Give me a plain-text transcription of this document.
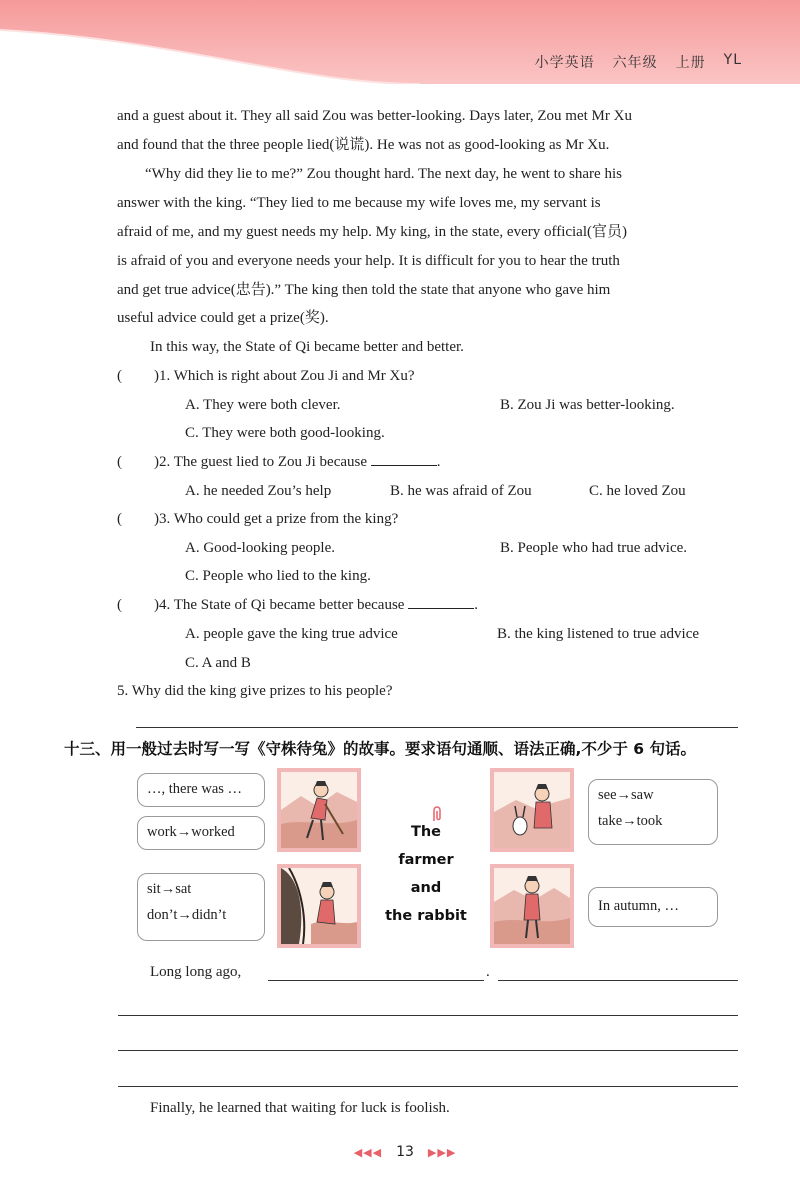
小学英语 六年级 上册 YL
and a guest about it. They all said Zou was better-looking. Days later, Zou met Mr Xu
and found that the three people lied(说谎). He was not as good-looking as Mr Xu.
“Why did they lie to me?” Zou thought hard. The next day, he went to share his
answer with the king. “They lied to me because my wife loves me, my servant is
afraid of me, and my guest needs my help. My king, in the state, every official(官员)
is afraid of you and everyone needs your help. It is difficult for you to hear the truth
and get true advice(忠告).” The king then told the state that anyone who gave him
useful advice could get a prize(奖).
In this way, the State of Qi became better and better.
( )1. Which is right about Zou Ji and Mr Xu?
A. They were both clever.	B. Zou Ji was better-looking.
C. They were both good-looking.
( )2. The guest lied to Zou Ji because	.
A. he needed Zou’s help	B. he was afraid of Zou	C. he loved Zou
( )3. Who could get a prize from the king?
A. Good-looking people.	B. People who had true advice.
C. People who lied to the king.
( )4. The State of Qi became better because	.
A. people gave the king true advice	B. the king listened to true advice
C. A and B
5. Why did the king give prizes to his people?
十三、用一般过去时写一写《守株待兔》的故事。要求语句通顺、语法正确,不少于 6 句话。
…, there was …
work→worked
sit→sat
don’t→didn’t
see→saw
take→took
In autumn, …
The farmer
and
the rabbit
Long long ago,	.
Finally, he learned that waiting for luck is foolish.
◀◀◀ 13 ▶▶▶
